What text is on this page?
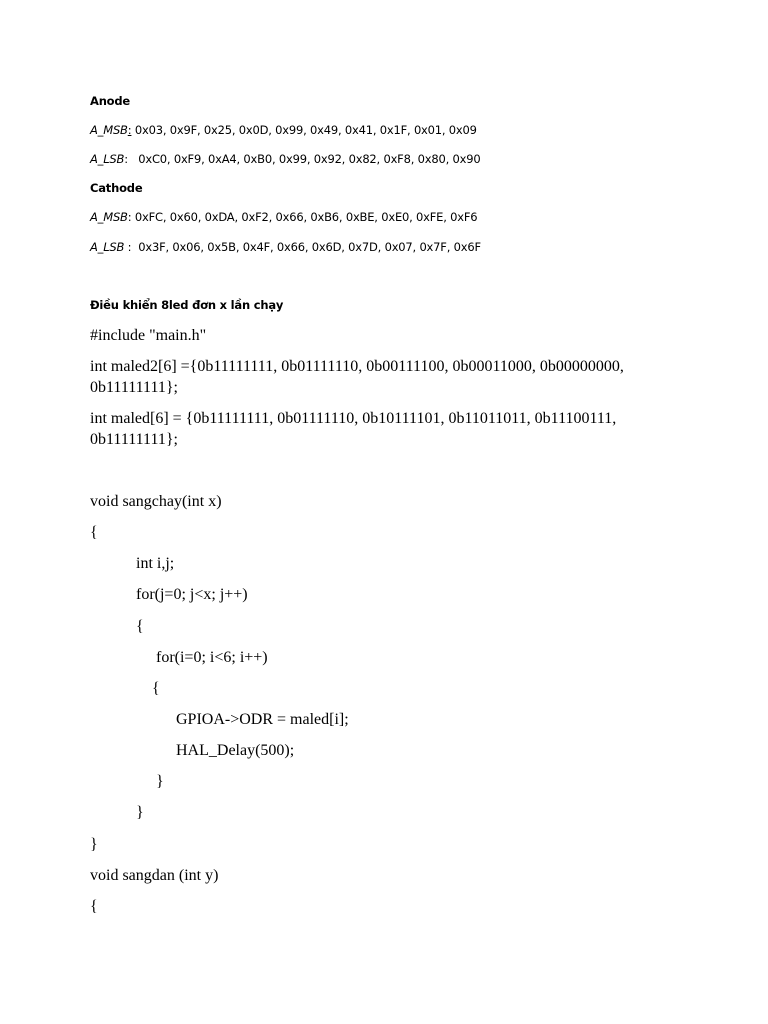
Anode
A_MSB: 0x03, 0x9F, 0x25, 0x0D, 0x99, 0x49, 0x41, 0x1F, 0x01, 0x09
A_LSB:   0xC0, 0xF9, 0xA4, 0xB0, 0x99, 0x92, 0x82, 0xF8, 0x80, 0x90
Cathode
A_MSB: 0xFC, 0x60, 0xDA, 0xF2, 0x66, 0xB6, 0xBE, 0xE0, 0xFE, 0xF6
A_LSB :  0x3F, 0x06, 0x5B, 0x4F, 0x66, 0x6D, 0x7D, 0x07, 0x7F, 0x6F
Điều khiển 8led đơn x lần chạy
#include "main.h"
int maled2[6] ={0b11111111, 0b01111110, 0b00111100, 0b00011000, 0b00000000, 0b11111111};
int maled[6] = {0b11111111, 0b01111110, 0b10111101, 0b11011011, 0b11100111, 0b11111111};
void sangchay(int x)
{
int i,j;
for(j=0; j<x; j++)
{
for(i=0; i<6; i++)
{
GPIOA->ODR = maled[i];
HAL_Delay(500);
}
}
}
void sangdan (int y)
{
